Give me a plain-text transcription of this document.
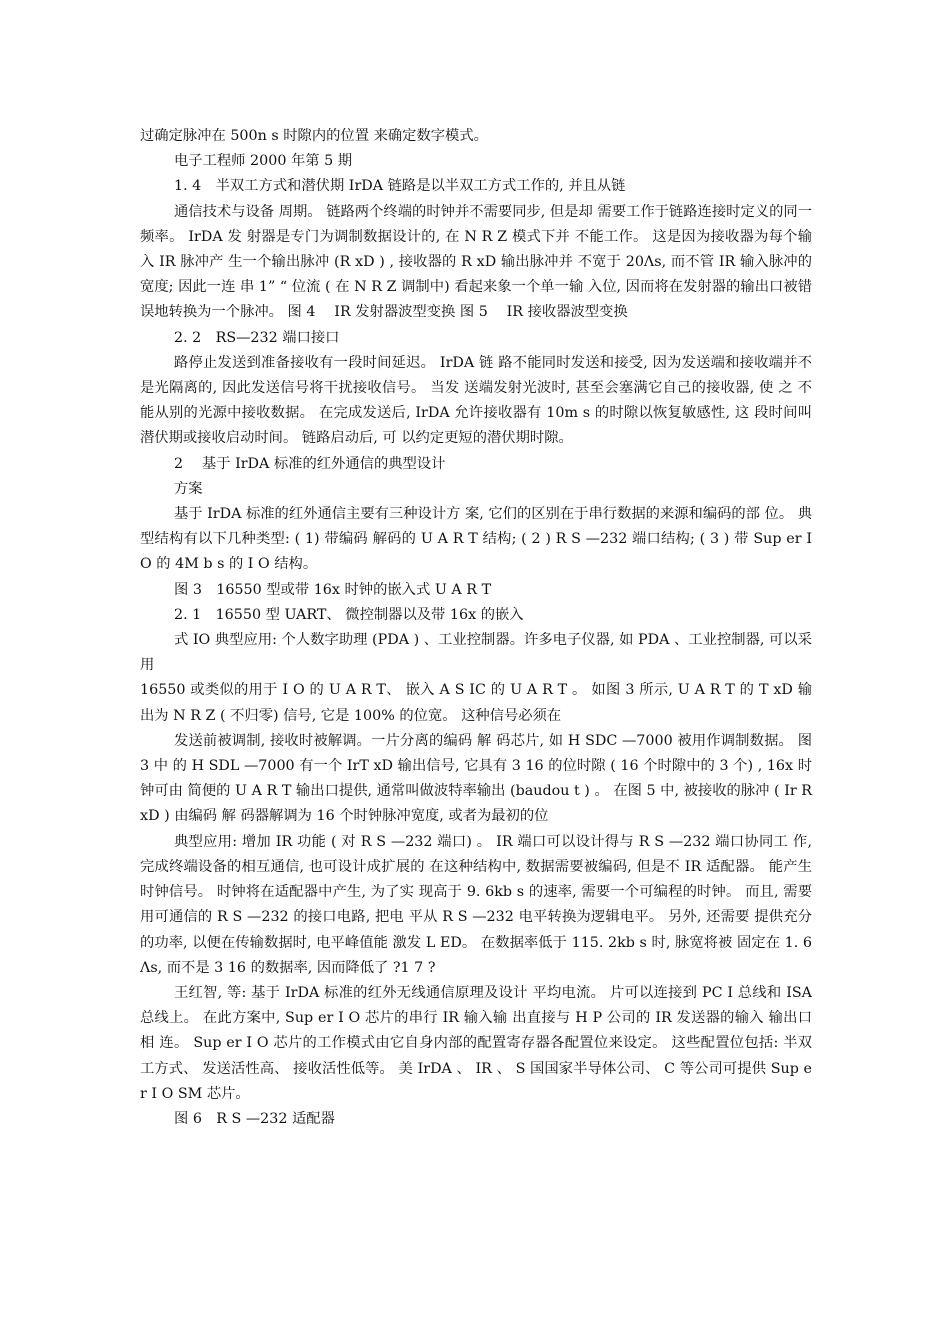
过确定脉冲在 500n s 时隙内的位置 来确定数字模式。

电子工程师 2000 年第 5 期

1. 4　半双工方式和潜伏期 IrDA 链路是以半双工方式工作的, 并且从链

通信技术与设备 周期。 链路两个终端的时钟并不需要同步, 但是却 需要工作于链路连接时定义的同一频率。 IrDA 发 射器是专门为调制数据设计的, 在 N R Z 模式下并 不能工作。 这是因为接收器为每个输入 IR 脉冲产 生一个输出脉冲 (R xD ) , 接收器的 R xD 输出脉冲并 不宽于 20Λs, 而不管 IR 输入脉冲的宽度; 因此一连 串 1” “ 位流 ( 在 N R Z 调制中) 看起来象一个单一输 入位, 因而将在发射器的输出口被错误地转换为一个脉冲。 图 4　 IR 发射器波型变换 图 5　 IR 接收器波型变换

2. 2　RS—232 端口接口

路停止发送到准备接收有一段时间延迟。 IrDA 链 路不能同时发送和接受, 因为发送端和接收端并不 是光隔离的, 因此发送信号将干扰接收信号。 当发 送端发射光波时, 甚至会塞满它自己的接收器, 使 之 不能从别的光源中接收数据。 在完成发送后, IrDA 允许接收器有 10m s 的时隙以恢复敏感性, 这 段时间叫潜伏期或接收启动时间。 链路启动后, 可 以约定更短的潜伏期时隙。

2　 基于 IrDA 标准的红外通信的典型设计

方案

基于 IrDA 标准的红外通信主要有三种设计方 案, 它们的区别在于串行数据的来源和编码的部 位。 典型结构有以下几种类型: ( 1) 带编码 解码的 U A R T 结构; ( 2 ) R S —232 端口结构; ( 3 ) 带 Sup er I O 的 4M b s 的 I O 结构。

图 3　16550 型或带 16x 时钟的嵌入式 U A R T

2. 1　16550 型 UART、 微控制器以及带 16x 的嵌入

式 IO 典型应用: 个人数字助理 (PDA ) 、工业控制器。许多电子仪器, 如 PDA 、工业控制器, 可以采用

16550 或类似的用于 I O 的 U A R T、 嵌入 A S IC 的 U A R T 。 如图 3 所示, U A R T 的 T xD 输出为 N R Z ( 不归零) 信号, 它是 100% 的位宽。 这种信号必须在

发送前被调制, 接收时被解调。一片分离的编码 解 码芯片, 如 H SDC —7000 被用作调制数据。 图 3 中 的 H SDL —7000 有一个 IrT xD 输出信号, 它具有 3 16 的位时隙 ( 16 个时隙中的 3 个) , 16x 时钟可由 简便的 U A R T 输出口提供, 通常叫做波特率输出 (baudou t ) 。 在图 5 中, 被接收的脉冲 ( Ir R xD ) 由编码 解 码器解调为 16 个时钟脉冲宽度, 或者为最初的位

典型应用: 增加 IR 功能 ( 对 R S —232 端口) 。 IR 端口可以设计得与 R S —232 端口协同工 作, 完成终端设备的相互通信, 也可设计成扩展的 在这种结构中, 数据需要被编码, 但是不 IR 适配器。 能产生时钟信号。 时钟将在适配器中产生, 为了实 现高于 9. 6kb s 的速率, 需要一个可编程的时钟。 而且, 需要用可通信的 R S —232 的接口电路, 把电 平从 R S —232 电平转换为逻辑电平。 另外, 还需要 提供充分的功率, 以便在传输数据时, 电平峰值能 激发 L ED。 在数据率低于 115. 2kb s 时, 脉宽将被 固定在 1. 6Λs, 而不是 3 16 的数据率, 因而降低了 ?1 7 ?

王红智, 等: 基于 IrDA 标准的红外无线通信原理及设计 平均电流。 片可以连接到 PC I 总线和 ISA 总线上。 在此方案中, Sup er I O 芯片的串行 IR 输入输 出直接与 H P 公司的 IR 发送器的输入 输出口相 连。 Sup er I O 芯片的工作模式由它自身内部的配置寄存器各配置位来设定。 这些配置位包括: 半双 工方式、 发送活性高、 接收活性低等。 美 IrDA 、 IR 、 S 国国家半导体公司、 C 等公司可提供 Sup er I O SM 芯片。

图 6　R S —232 适配器
